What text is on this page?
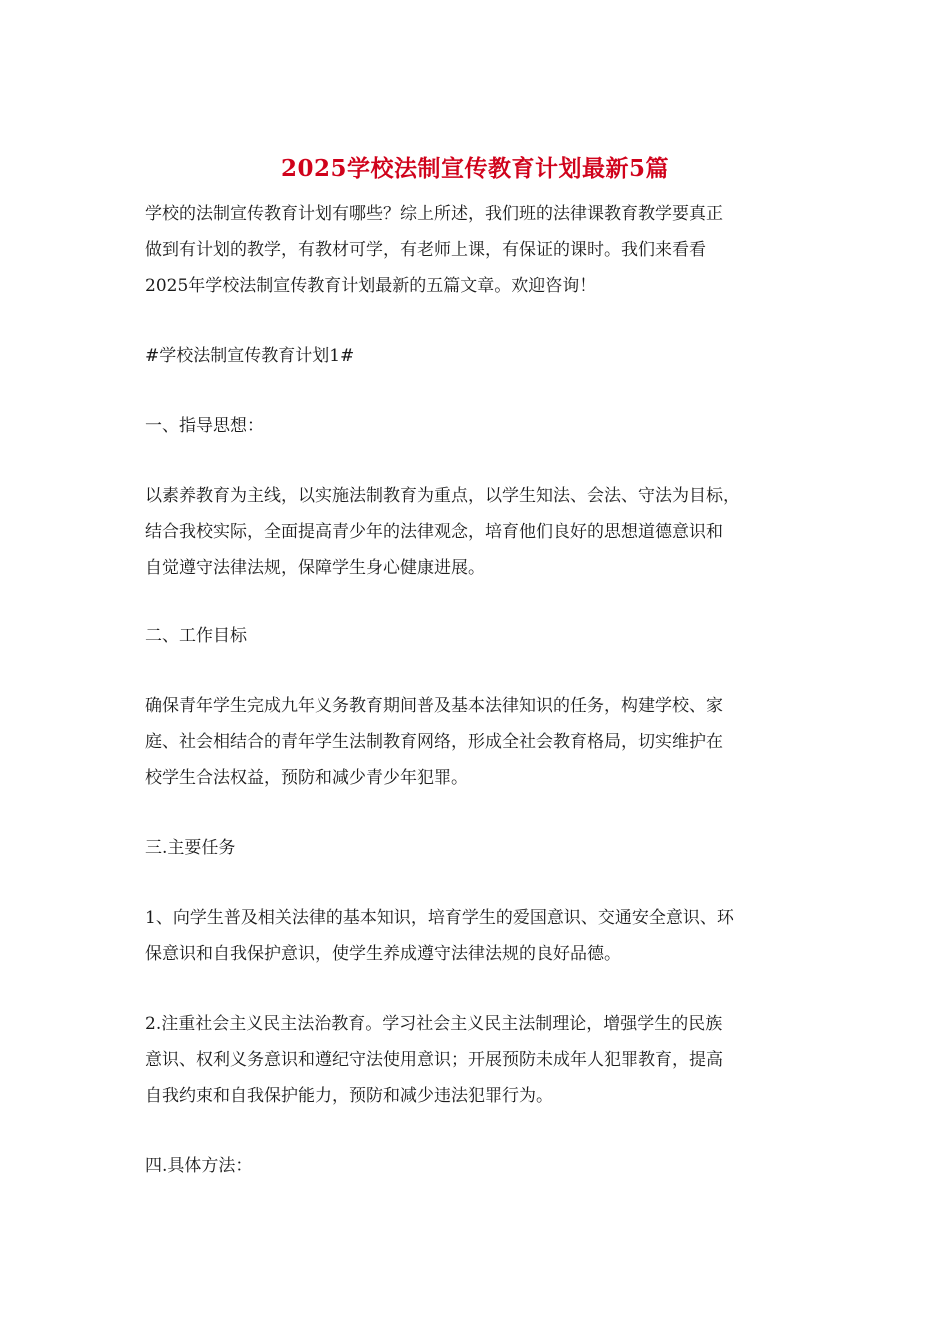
2025学校法制宣传教育计划最新5篇
学校的法制宣传教育计划有哪些？综上所述，我们班的法律课教育教学要真正
做到有计划的教学，有教材可学，有老师上课，有保证的课时。我们来看看
2025年学校法制宣传教育计划最新的五篇文章。欢迎咨询！
#学校法制宣传教育计划1#
一、指导思想：
以素养教育为主线，以实施法制教育为重点，以学生知法、会法、守法为目标，
结合我校实际，全面提高青少年的法律观念，培育他们良好的思想道德意识和
自觉遵守法律法规，保障学生身心健康进展。
二、工作目标
确保青年学生完成九年义务教育期间普及基本法律知识的任务，构建学校、家
庭、社会相结合的青年学生法制教育网络，形成全社会教育格局，切实维护在
校学生合法权益，预防和减少青少年犯罪。
三.主要任务
1、向学生普及相关法律的基本知识，培育学生的爱国意识、交通安全意识、环
保意识和自我保护意识，使学生养成遵守法律法规的良好品德。
2.注重社会主义民主法治教育。学习社会主义民主法制理论，增强学生的民族
意识、权利义务意识和遵纪守法使用意识；开展预防未成年人犯罪教育，提高
自我约束和自我保护能力，预防和减少违法犯罪行为。
四.具体方法：
